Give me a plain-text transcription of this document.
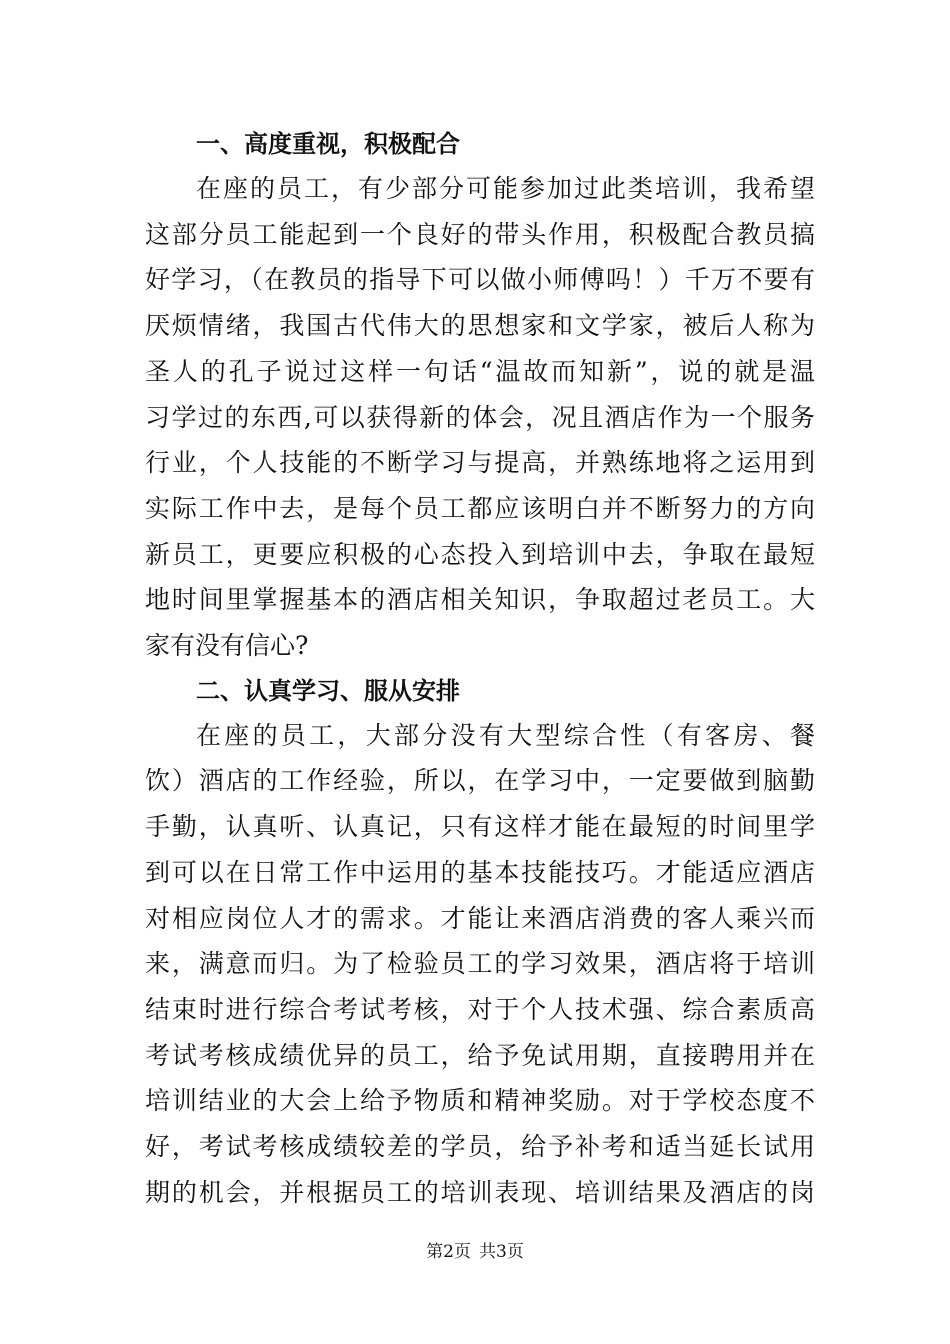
一、高度重视，积极配合

在座的员工，有少部分可能参加过此类培训，我希望
这部分员工能起到一个良好的带头作用，积极配合教员搞
好学习，（在教员的指导下可以做小师傅吗！）千万不要有
厌烦情绪，我国古代伟大的思想家和文学家，被后人称为
圣人的孔子说过这样一句话“温故而知新”，说的就是温
习学过的东西,可以获得新的体会，况且酒店作为一个服务
行业，个人技能的不断学习与提高，并熟练地将之运用到
实际工作中去，是每个员工都应该明白并不断努力的方向
新员工，更要应积极的心态投入到培训中去，争取在最短
地时间里掌握基本的酒店相关知识，争取超过老员工。大
家有没有信心?

二、认真学习、服从安排

在座的员工，大部分没有大型综合性（有客房、餐
饮）酒店的工作经验，所以，在学习中，一定要做到脑勤
手勤，认真听、认真记，只有这样才能在最短的时间里学
到可以在日常工作中运用的基本技能技巧。才能适应酒店
对相应岗位人才的需求。才能让来酒店消费的客人乘兴而
来，满意而归。为了检验员工的学习效果，酒店将于培训
结束时进行综合考试考核，对于个人技术强、综合素质高
考试考核成绩优异的员工，给予免试用期，直接聘用并在
培训结业的大会上给予物质和精神奖励。对于学校态度不
好，考试考核成绩较差的学员，给予补考和适当延长试用
期的机会，并根据员工的培训表现、培训结果及酒店的岗

第2页 共3页
